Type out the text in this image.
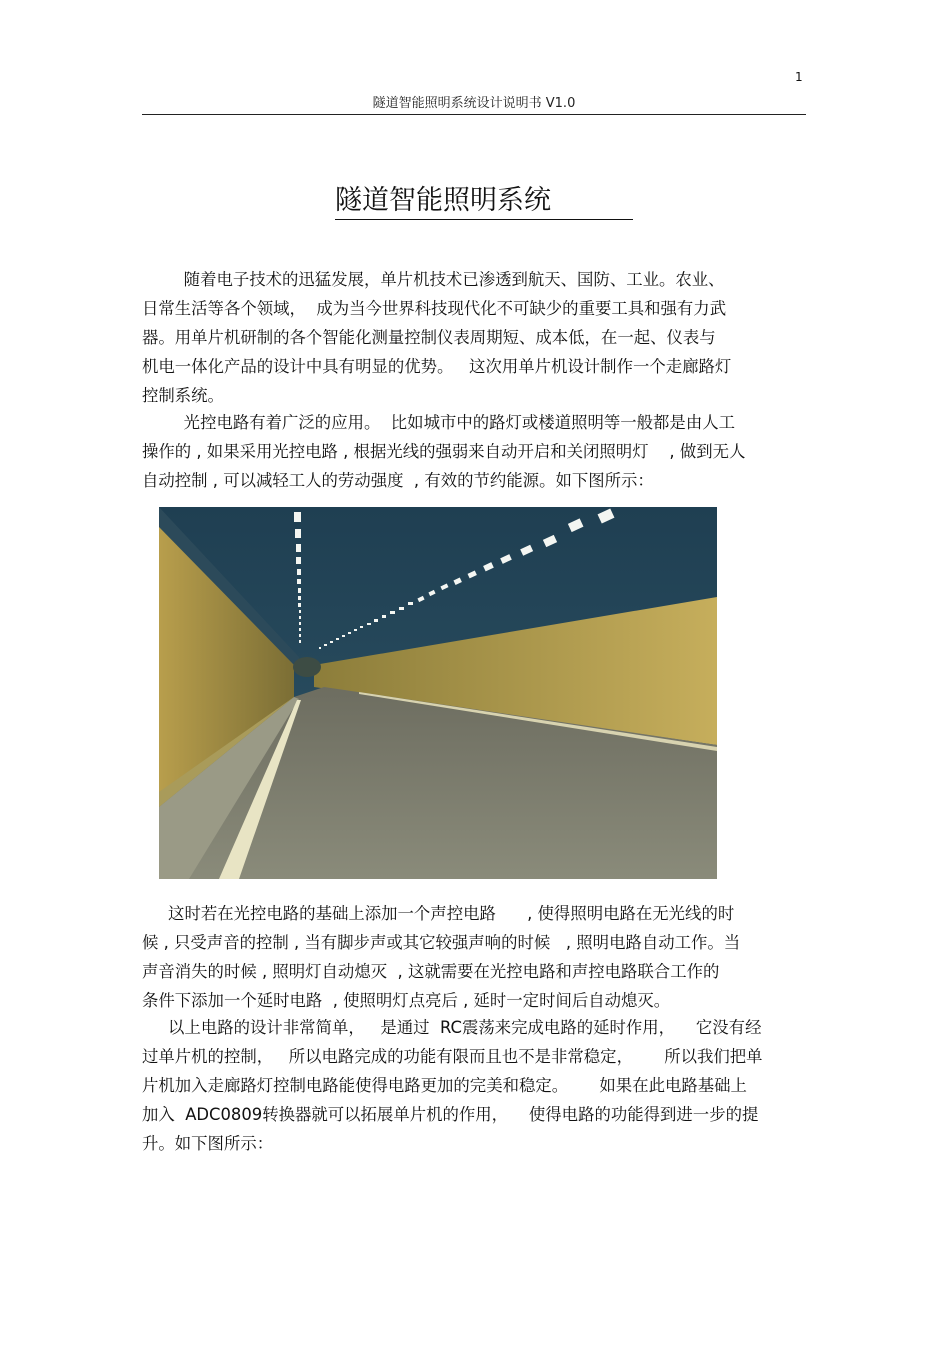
1
隧道智能照明系统设计说明书 V1.0
隧道智能照明系统
随着电子技术的迅猛发展，单片机技术已渗透到航天、国防、工业。农业、
日常生活等各个领域，  成为当今世界科技现代化不可缺少的重要工具和强有力武
器。用单片机研制的各个智能化测量控制仪表周期短、成本低，在一起、仪表与
机电一体化产品的设计中具有明显的优势。   这次用单片机设计制作一个走廊路灯
控制系统。
光控电路有着广泛的应用。  比如城市中的路灯或楼道照明等一般都是由人工
操作的 , 如果采用光控电路 , 根据光线的强弱来自动开启和关闭照明灯    , 做到无人
自动控制 , 可以减轻工人的劳动强度  , 有效的节约能源。如下图所示：
这时若在光控电路的基础上添加一个声控电路      , 使得照明电路在无光线的时
候 , 只受声音的控制 , 当有脚步声或其它较强声响的时候   , 照明电路自动工作。当
声音消失的时候 , 照明灯自动熄灭  , 这就需要在光控电路和声控电路联合工作的
条件下添加一个延时电路  , 使照明灯点亮后 , 延时一定时间后自动熄灭。
以上电路的设计非常简单，   是通过  RC震荡来完成电路的延时作用，    它没有经
过单片机的控制，   所以电路完成的功能有限而且也不是非常稳定，      所以我们把单
片机加入走廊路灯控制电路能使得电路更加的完美和稳定。      如果在此电路基础上
加入  ADC0809转换器就可以拓展单片机的作用，    使得电路的功能得到进一步的提
升。如下图所示：
